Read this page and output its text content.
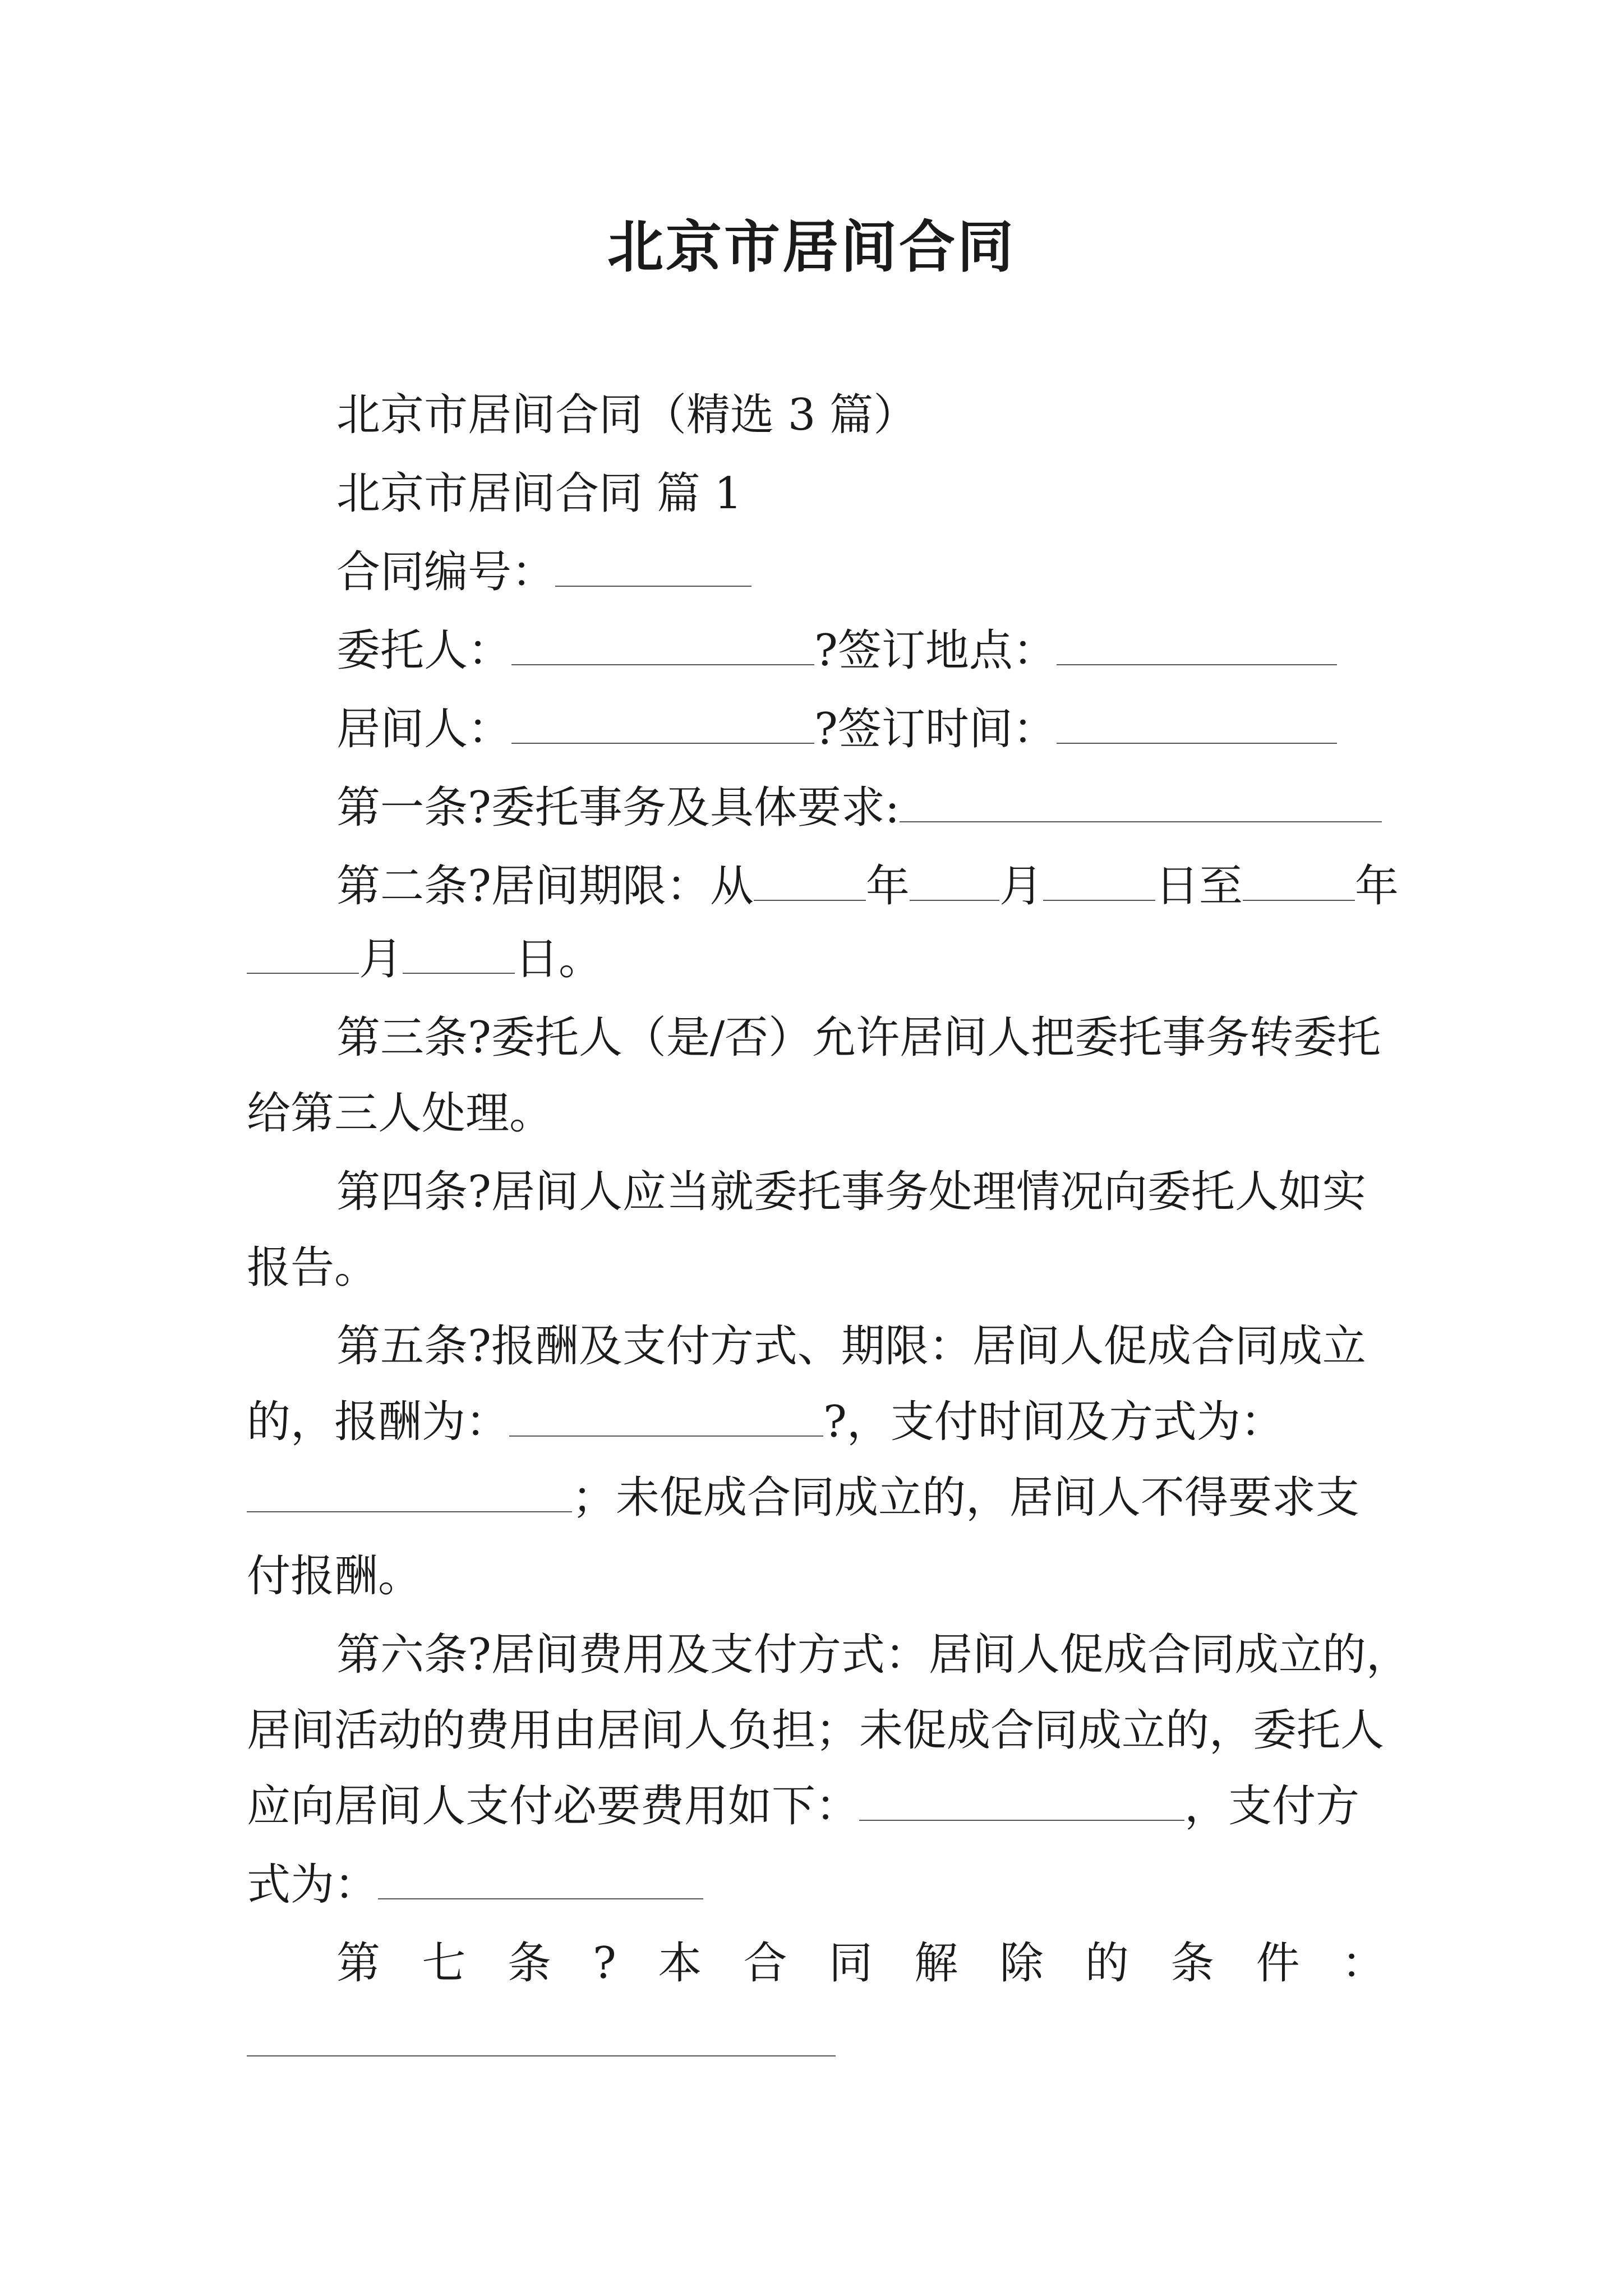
北京市居间合同
北京市居间合同（精选 3 篇）
北京市居间合同 篇 1
合同编号：
委托人：	?签订地点：
居间人：	?签订时间：
第一条?委托事务及具体要求:
第二条?居间期限：从	年 月	日至	年
月	日。
第三条?委托人（是/否）允许居间人把委托事务转委托
给第三人处理。
第四条?居间人应当就委托事务处理情况向委托人如实
报告。
第五条?报酬及支付方式、期限：居间人促成合同成立
的，报酬为：	?，支付时间及方式为：
；未促成合同成立的，居间人不得要求支
付报酬。
第六条?居间费用及支付方式：居间人促成合同成立的，
居间活动的费用由居间人负担；未促成合同成立的，委托人
应向居间人支付必要费用如下：	，支付方
式为：
第 七 条 ? 本 合 同 解 除 的 条 件 ：
